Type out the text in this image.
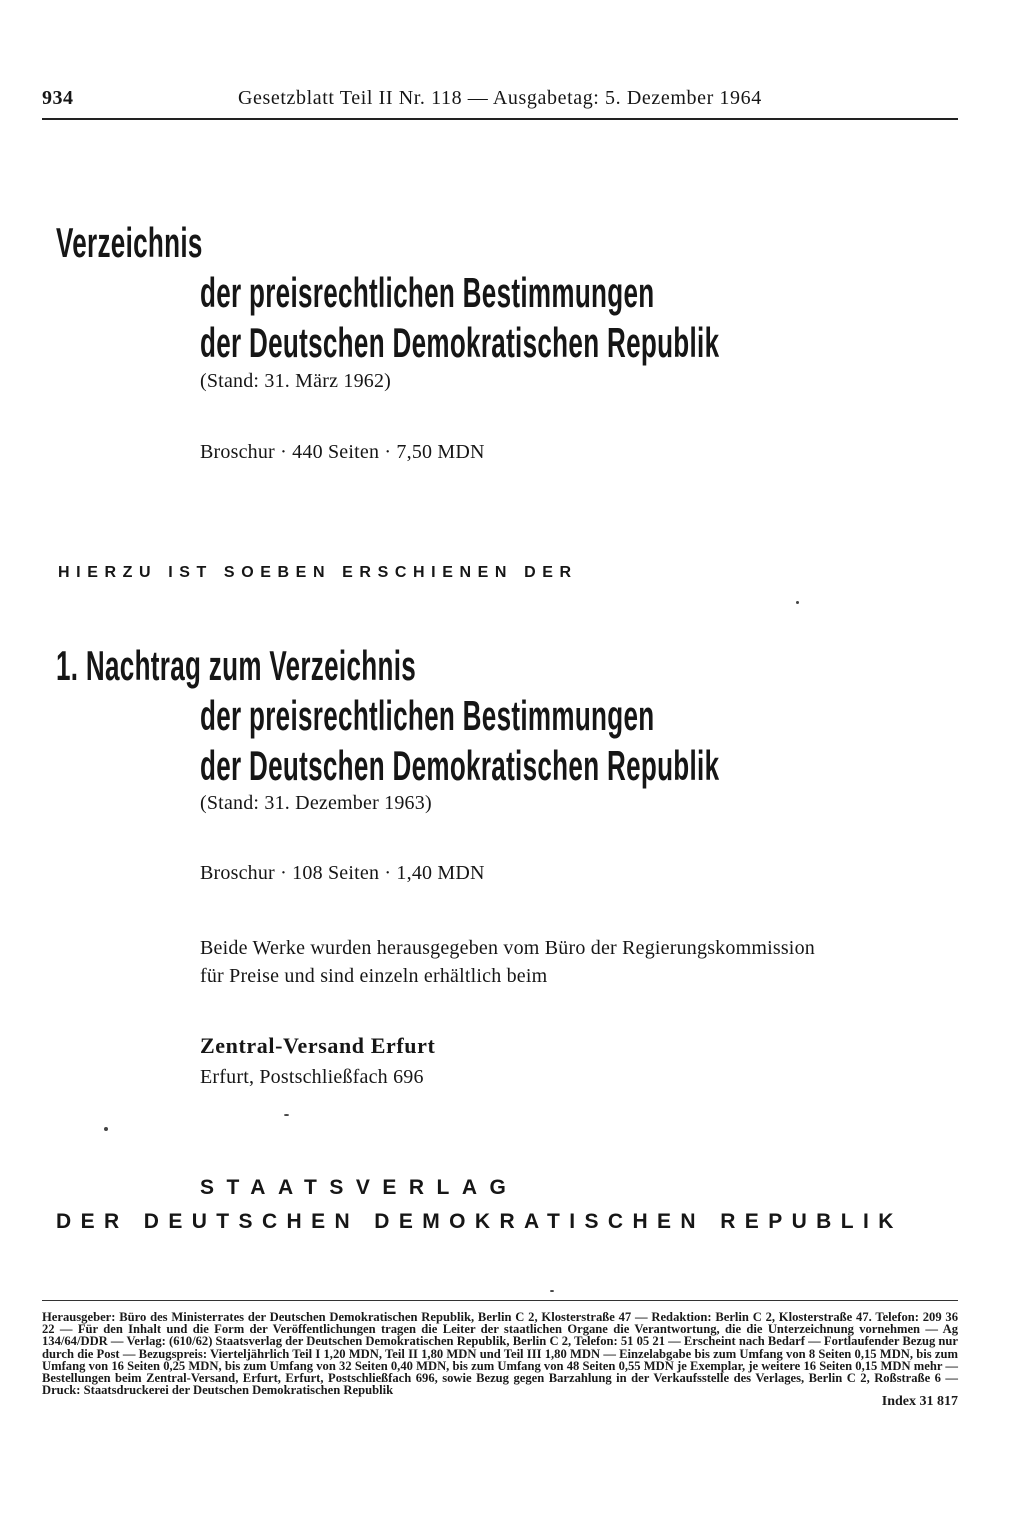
934	Gesetzblatt Teil II Nr. 118 — Ausgabetag: 5. Dezember 1964
Verzeichnis
der preisrechtlichen Bestimmungen
der Deutschen Demokratischen Republik
(Stand: 31. März 1962)
Broschur · 440 Seiten · 7,50 MDN
HIERZU IST SOEBEN ERSCHIENEN DER
1. Nachtrag zum Verzeichnis
der preisrechtlichen Bestimmungen
der Deutschen Demokratischen Republik
(Stand: 31. Dezember 1963)
Broschur · 108 Seiten · 1,40 MDN
Beide Werke wurden herausgegeben vom Büro der Regierungskommission
für Preise und sind einzeln erhältlich beim
Zentral-Versand Erfurt
Erfurt, Postschließfach 696
STAATSVERLAG
DER DEUTSCHEN DEMOKRATISCHEN REPUBLIK
Herausgeber: Büro des Ministerrates der Deutschen Demokratischen Republik, Berlin C 2, Klosterstraße 47 — Redaktion: Berlin C 2, Klosterstraße 47. Telefon: 209 36 22 — Für den Inhalt und die Form der Veröffentlichungen tragen die Leiter der staatlichen Organe die Verantwortung, die die Unterzeichnung vornehmen — Ag 134/64/DDR — Verlag: (610/62) Staatsverlag der Deutschen Demokratischen Republik, Berlin C 2, Telefon: 51 05 21 — Erscheint nach Bedarf — Fortlaufender Bezug nur durch die Post — Bezugspreis: Vierteljährlich Teil I 1,20 MDN, Teil II 1,80 MDN und Teil III 1,80 MDN — Einzelabgabe bis zum Umfang von 8 Seiten 0,15 MDN, bis zum Umfang von 16 Seiten 0,25 MDN, bis zum Umfang von 32 Seiten 0,40 MDN, bis zum Umfang von 48 Seiten 0,55 MDN je Exemplar, je weitere 16 Seiten 0,15 MDN mehr — Bestellungen beim Zentral-Versand, Erfurt, Erfurt, Postschließfach 696, sowie Bezug gegen Barzahlung in der Verkaufsstelle des Verlages, Berlin C 2, Roßstraße 6 — Druck: Staatsdruckerei der Deutschen Demokratischen Republik
Index 31 817
